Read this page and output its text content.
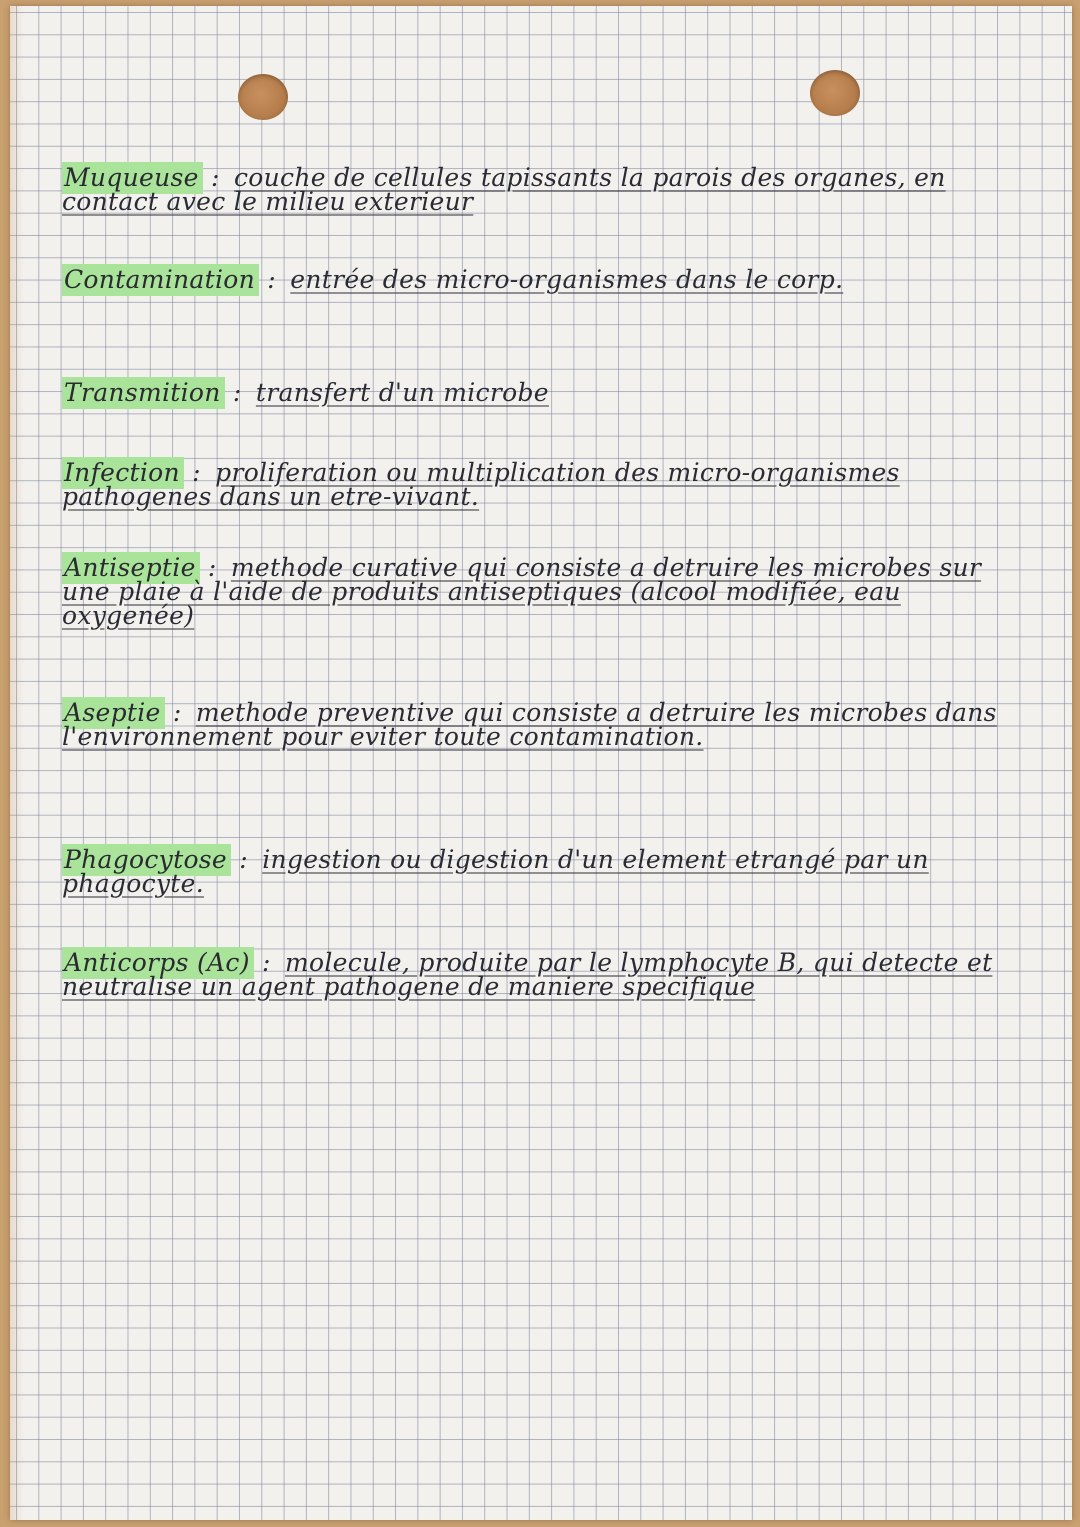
Muqueuse : couche de cellules tapissants la parois des organes, en contact avec le milieu exterieur
Contamination : entrée des micro-organismes dans le corp.
Transmition : transfert d'un microbe
Infection : proliferation ou multiplication des micro-organismes pathogenes dans un etre-vivant.
Antiseptie : methode curative qui consiste a detruire les microbes sur une plaie à l'aide de produits antiseptiques (alcool modifiée, eau oxygenée)
Aseptie : methode preventive qui consiste a detruire les microbes dans l'environnement pour eviter toute contamination.
Phagocytose : ingestion ou digestion d'un element etrangé par un phagocyte.
Anticorps (Ac) : molecule, produite par le lymphocyte B, qui detecte et neutralise un agent pathogene de maniere specifique
